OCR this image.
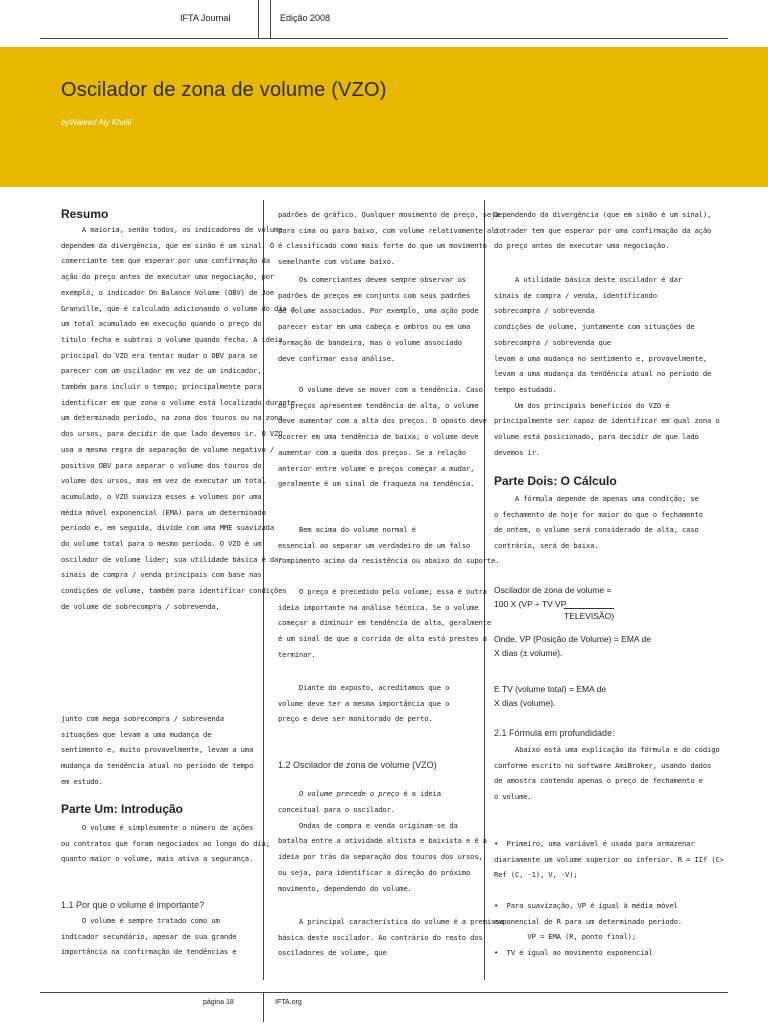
IFTA Journal	Edição 2008
Oscilador de zona de volume (VZO)
byWaleed Aly Khalil
Resumo
A maioria, senão todos, os indicadores de volume
dependem da divergência, que em sinão é um sinal. O
comerciante tem que esperar por uma confirmação da
ação do preço antes de executar uma negociação, por
exemplo, o indicador On Balance Volume (OBV) de Joe
Granville, que é calculado adicionando o volume do dia a
um total acumulado em execução quando o preço do
título fecha e subtrai o volume quando fecha. A ideia
principal do VZO era tentar mudar o OBV para se
parecer com um oscilador em vez de um indicador,
também para incluir o tempo; principalmente para
identificar em que zona o volume está localizado durante
um determinado período, na zona dos touros ou na zona
dos ursos, para decidir de que lado devemos ir. O VZO
usa a mesma regra de separação de volume negativo /
positivo OBV para separar o volume dos touros do
volume dos ursos, mas em vez de executar um total
acumulado, o VZO suaviza esses ± volumes por uma
média móvel exponencial (EMA) para um determinado
período e, em seguida, divide com uma MME suavizada
do volume total para o mesmo período. O VZO é um
oscilador de volume líder; sua utilidade básica é dar
sinais de compra / venda principais com base nas
condições de volume, também para identificar condições
de volume de sobrecompra / sobrevenda,
junto com mega sobrecompra / sobrevenda
situações que levam a uma mudança de
sentimento e, muito provavelmente, levam a uma
mudança da tendência atual no período de tempo
em estudo.
Parte Um: Introdução
O volume é simplesmente o número de ações
ou contratos que foram negociados ao longo do dia;
quanto maior o volume, mais ativa a segurança.
1.1 Por que o volume é importante?
O volume é sempre tratado como um
indicador secundário, apesar de sua grande
importância na confirmação de tendências e
padrões de gráfico. Qualquer movimento de preço, seja
para cima ou para baixo, com volume relativamente alto
é classificado como mais forte do que um movimento
semelhante com volume baixo.
Os comerciantes devem sempre observar os
padrões de preços em conjunto com seus padrões
de volume associados. Por exemplo, uma ação pode
parecer estar em uma cabeça e ombros ou em uma
formação de bandeira, mas o volume associado
deve confirmar essa análise.
O volume deve se mover com a tendência. Caso
os preços apresentem tendência de alta, o volume
deve aumentar com a alta dos preços. O oposto deve
ocorrer em uma tendência de baixa; o volume deve
aumentar com a queda dos preços. Se a relação
anterior entre volume e preços começar a mudar,
geralmente é um sinal de fraqueza na tendência.
Bem acima do volume normal é
essencial ao separar um verdadeiro de um falso
rompimento acima da resistência ou abaixo do suporte.
O preço é precedido pelo volume; essa é outra
ideia importante na análise técnica. Se o volume
começar a diminuir em tendência de alta, geralmente
é um sinal de que a corrida de alta está prestes a
terminar.
Diante do exposto, acreditamos que o
volume deve ter a mesma importância que o
preço e deve ser monitorado de perto.
1.2 Oscilador de zona de volume (VZO)
O volume precede o preço é a ideia
conceitual para o oscilador.
Ondas de compra e venda originam-se da
batalha entre a atividade altista e baixista e é a
ideia por trás da separação dos touros dos ursos,
ou seja, para identificar a direção do próximo
movimento, dependendo do volume.
A principal característica do volume é a premissa
básica deste oscilador. Ao contrário do resto dos
osciladores de volume, que
Dependendo da divergência (que em sinão é um sinal),
o trader tem que esperar por uma confirmação da ação
do preço antes de executar uma negociação.
A utilidade básica deste oscilador é dar
sinais de compra / venda, identificando
sobrecompra / sobrevenda
condições de volume, juntamente com situações de
sobrecompra / sobrevenda que
levam a uma mudança no sentimento e, provavelmente,
levam a uma mudança da tendência atual no período de
tempo estudado.
Um dos principais benefícios do VZO é
principalmente ser capaz de identificar em qual zona o
volume está posicionado, para decidir de que lado
devemos ir.
Parte Dois: O Cálculo
A fórmula depende de apenas uma condição; se
o fechamento de hoje for maior do que o fechamento
de ontem, o volume será considerado de alta, caso
contrário, será de baixa.
Oscilador de zona de volume =
100 X (VP ÷ TV VP
TELEVISÃO)
Onde, VP (Posição de Volume) = EMA de
X dias (± volume).
E TV (volume total) = EMA de
X dias (volume).
2.1 Fórmula em profundidade:
Abaixo está uma explicação da fórmula e do código
conforme escrito no software AmiBroker, usando dados
de amostra contendo apenas o preço de fechamento e
o volume.
•  Primeiro, uma variável é usada para armazenar
diariamente um volume superior ou inferior. R = IIf (C>
Ref (C, -1), V, -V);
•  Para suavização, VP é igual à média móvel
exponencial de R para um determinado período.
VP = EMA (R, ponto final);
•  TV é igual ao movimento exponencial
página 18	IFTA.org
